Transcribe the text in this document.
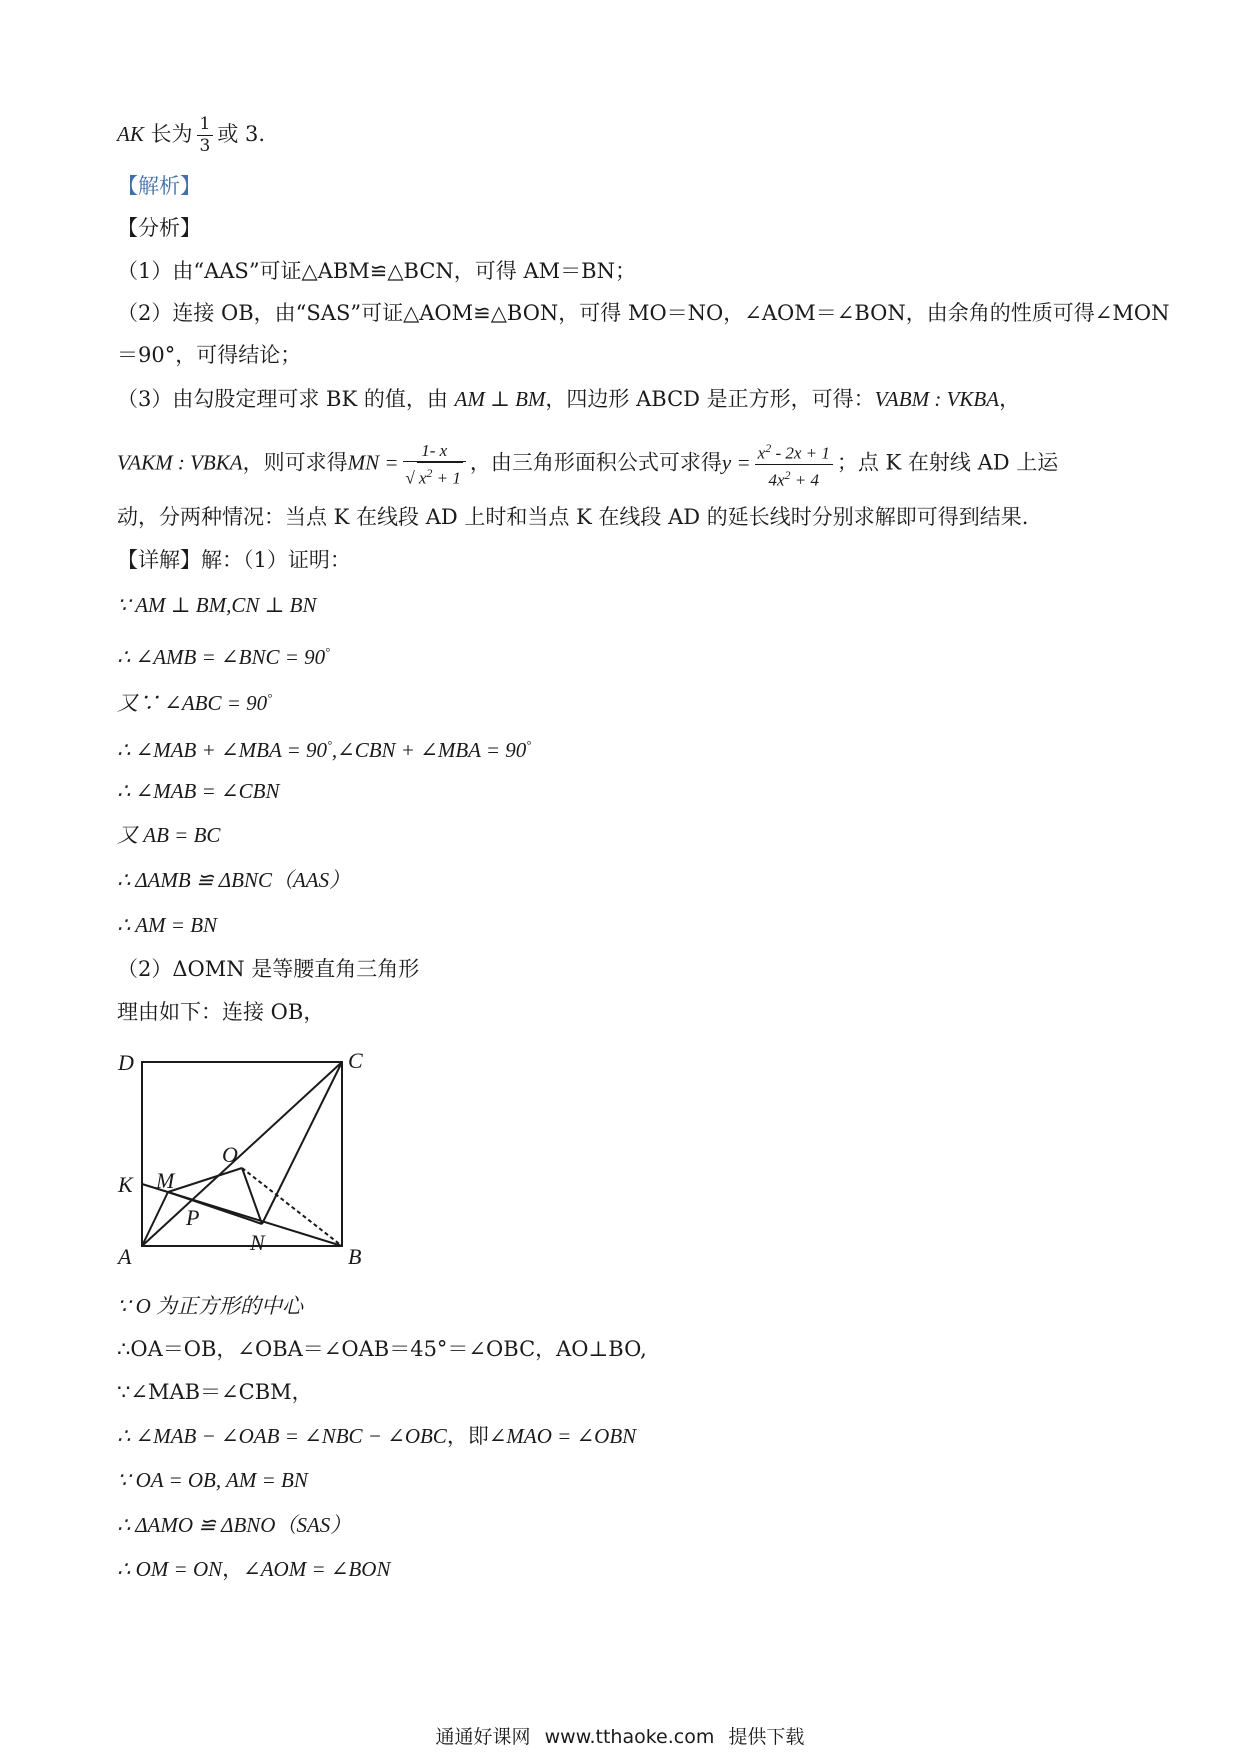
AK 长为 $\frac{1}{3}$ 或 3.
【解析】
【分析】
（1）由“AAS”可证△ABM≌△BCN，可得 AM＝BN；
（2）连接 OB，由“SAS”可证△AOM≌△BON，可得 MO＝NO，∠AOM＝∠BON，由余角的性质可得∠MON
＝90°，可得结论；
（3）由勾股定理可求 BK 的值，由 AM ⊥ BM，四边形 ABCD 是正方形，可得：VABM : VKBA，
VAKM : VBKA，则可求得MN = $\frac{1- x}{√ x^2 + 1}$ ，由三角形面积公式可求得$y = \frac{x^2 - 2x + 1}{4x^2 + 4}$ ；点 K 在射线 AD 上运
动，分两种情况：当点 K 在线段 AD 上时和当点 K 在线段 AD 的延长线时分别求解即可得到结果.
【详解】解：（1）证明：
∵ AM ⊥ BM,CN ⊥ BN
∴ ∠AMB = ∠BNC = 90°
又∵ ∠ABC = 90°
∴ ∠MAB + ∠MBA = 90°,∠CBN + ∠MBA = 90°
∴ ∠MAB = ∠CBN
又 AB = BC
∴ ΔAMB ≌ ΔBNC（AAS）
∴ AM = BN
（2）ΔOMN 是等腰直角三角形
理由如下：连接 OB，
D	C
O
K M
P
A
N
B
∵ O 为正方形的中心
∴OA＝OB，∠OBA＝∠OAB＝45°＝∠OBC，AO⊥BO,
∵∠MAB＝∠CBM，
∴ ∠MAB − ∠OAB = ∠NBC − ∠OBC，即∠MAO = ∠OBN
∵ OA = OB, AM = BN
∴ ΔAMO ≌ ΔBNO（SAS）
∴ OM = ON，∠AOM = ∠BON
通通好课网 www.tthaoke.com 提供下载
